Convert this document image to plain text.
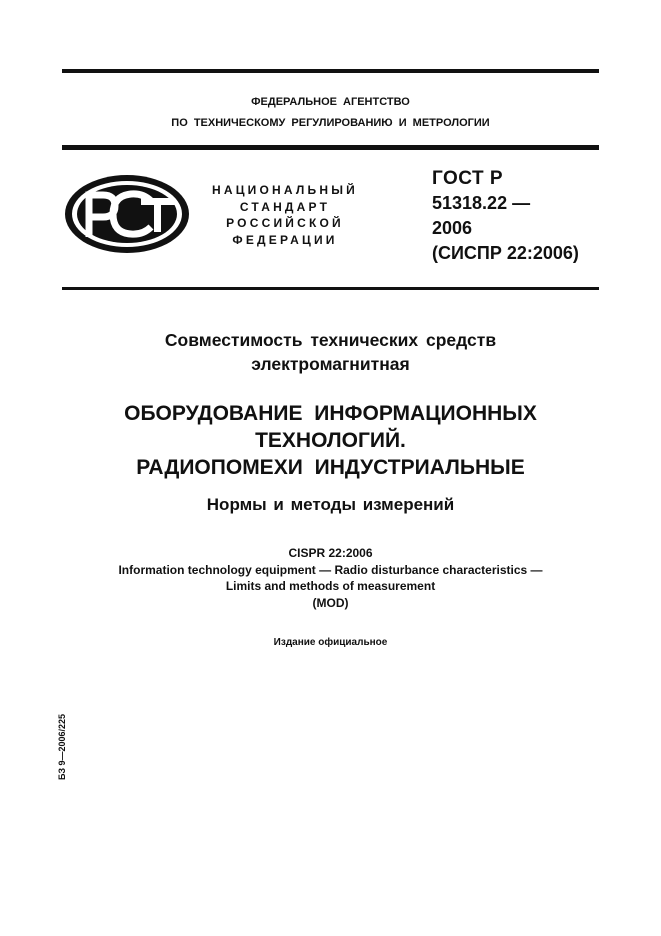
ФЕДЕРАЛЬНОЕ АГЕНТСТВО
ПО ТЕХНИЧЕСКОМУ РЕГУЛИРОВАНИЮ И МЕТРОЛОГИИ
НАЦИОНАЛЬНЫЙ
СТАНДАРТ
РОССИЙСКОЙ
ФЕДЕРАЦИИ
ГОСТ Р
51318.22 —
2006
(СИСПР 22:2006)
Совместимость технических средств
электромагнитная
ОБОРУДОВАНИЕ ИНФОРМАЦИОННЫХ
ТЕХНОЛОГИЙ.
РАДИОПОМЕХИ ИНДУСТРИАЛЬНЫЕ
Нормы и методы измерений
CISPR 22:2006
Information technology equipment — Radio disturbance characteristics —
Limits and methods of measurement
(MOD)
Издание официальное
БЗ 9—2006/225
